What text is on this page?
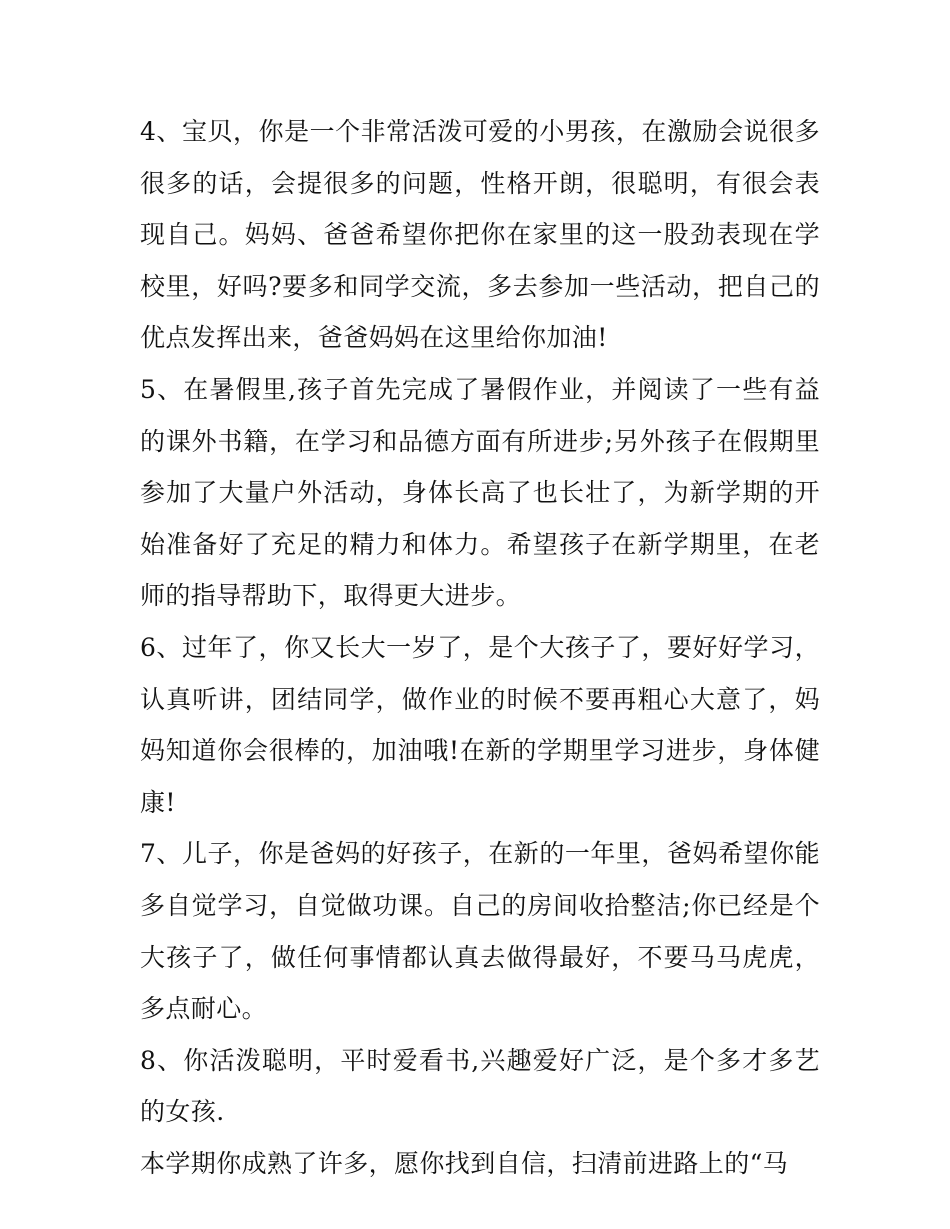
4、宝贝，你是一个非常活泼可爱的小男孩，在激励会说很多很多的话，会提很多的问题，性格开朗，很聪明，有很会表现自己。妈妈、爸爸希望你把你在家里的这一股劲表现在学校里，好吗?要多和同学交流，多去参加一些活动，把自己的优点发挥出来，爸爸妈妈在这里给你加油!

5、在暑假里,孩子首先完成了暑假作业，并阅读了一些有益的课外书籍，在学习和品德方面有所进步;另外孩子在假期里参加了大量户外活动，身体长高了也长壮了，为新学期的开始准备好了充足的精力和体力。希望孩子在新学期里，在老师的指导帮助下，取得更大进步。

6、过年了，你又长大一岁了，是个大孩子了，要好好学习，认真听讲，团结同学，做作业的时候不要再粗心大意了，妈妈知道你会很棒的，加油哦!在新的学期里学习进步，身体健康!

7、儿子，你是爸妈的好孩子，在新的一年里，爸妈希望你能多自觉学习，自觉做功课。自己的房间收拾整洁;你已经是个大孩子了，做任何事情都认真去做得最好，不要马马虎虎，多点耐心。

8、你活泼聪明，平时爱看书,兴趣爱好广泛，是个多才多艺的女孩.

本学期你成熟了许多，愿你找到自信，扫清前进路上的“马
